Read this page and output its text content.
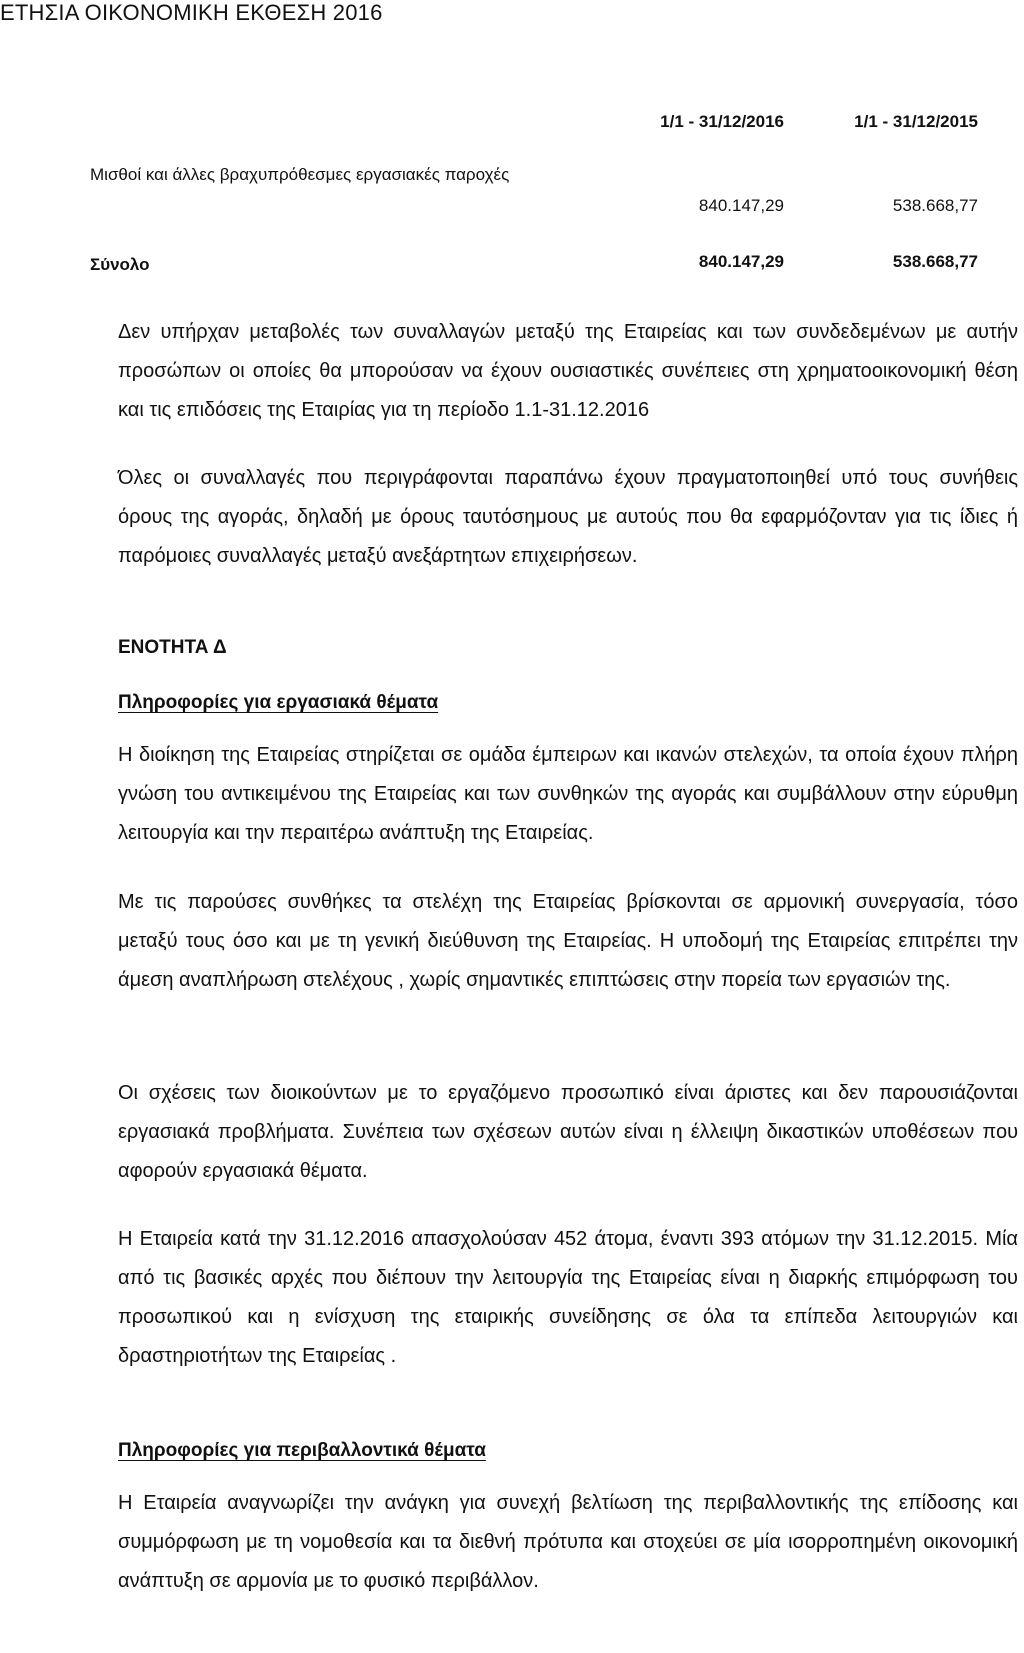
ΕΤΗΣΙΑ ΟΙΚΟΝΟΜΙΚΗ ΕΚΘΕΣΗ 2016
1/1 - 31/12/2016	1/1 - 31/12/2015
Μισθοί και άλλες βραχυπρόθεσμες εργασιακές παροχές
840.147,29	538.668,77
Σύνολο	840.147,29	538.668,77

Δεν υπήρχαν μεταβολές των συναλλαγών μεταξύ της Εταιρείας και των συνδεδεμένων με αυτήν προσώπων οι οποίες θα μπορούσαν να έχουν ουσιαστικές συνέπειες στη χρηματοοικονομική θέση και τις επιδόσεις της Εταιρίας για τη περίοδο 1.1-31.12.2016

Όλες οι συναλλαγές που περιγράφονται παραπάνω έχουν πραγματοποιηθεί υπό τους συνήθεις όρους της αγοράς, δηλαδή με όρους ταυτόσημους με αυτούς που θα εφαρμόζονταν για τις ίδιες ή παρόμοιες συναλλαγές μεταξύ ανεξάρτητων επιχειρήσεων.

ΕΝΟΤΗΤΑ Δ
Πληροφορίες για εργασιακά θέματα

Η διοίκηση της Εταιρείας στηρίζεται σε ομάδα έμπειρων και ικανών στελεχών, τα οποία έχουν πλήρη γνώση του αντικειμένου της Εταιρείας και των συνθηκών της αγοράς και συμβάλλουν στην εύρυθμη λειτουργία και την περαιτέρω ανάπτυξη της Εταιρείας.

Με τις παρούσες συνθήκες τα στελέχη της Εταιρείας βρίσκονται σε αρμονική συνεργασία, τόσο μεταξύ τους όσο και με τη γενική διεύθυνση της Εταιρείας. Η υποδομή της Εταιρείας επιτρέπει την άμεση αναπλήρωση στελέχους , χωρίς σημαντικές επιπτώσεις στην πορεία των εργασιών της.

Οι σχέσεις των διοικούντων με το εργαζόμενο προσωπικό είναι άριστες και δεν παρουσιάζονται εργασιακά προβλήματα. Συνέπεια των σχέσεων αυτών είναι η έλλειψη δικαστικών υποθέσεων που αφορούν εργασιακά θέματα.

Η Εταιρεία κατά την 31.12.2016 απασχολούσαν 452 άτομα, έναντι 393 ατόμων την 31.12.2015. Μία από τις βασικές αρχές που διέπουν την λειτουργία της Εταιρείας είναι η διαρκής επιμόρφωση του προσωπικού και η ενίσχυση της εταιρικής συνείδησης σε όλα τα επίπεδα λειτουργιών και δραστηριοτήτων της Εταιρείας .

Πληροφορίες για περιβαλλοντικά θέματα

Η Εταιρεία αναγνωρίζει την ανάγκη για συνεχή βελτίωση της περιβαλλοντικής της επίδοσης και συμμόρφωση με τη νομοθεσία και τα διεθνή πρότυπα και στοχεύει σε μία ισορροπημένη οικονομική ανάπτυξη σε αρμονία με το φυσικό περιβάλλον.
